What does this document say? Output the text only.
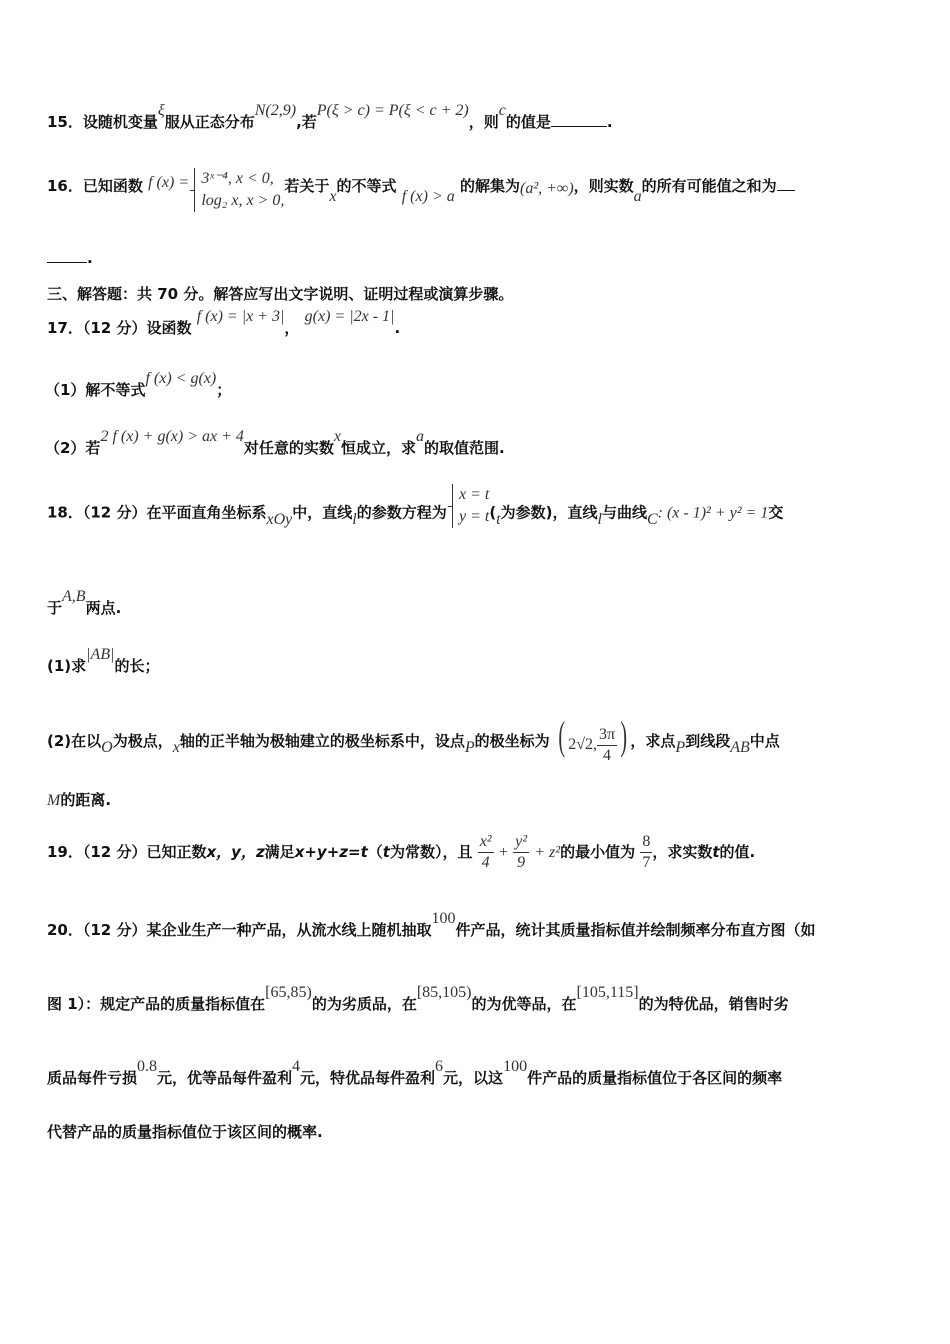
15．设随机变量ξ服从正态分布N(2,9),若P(ξ > c) = P(ξ < c + 2)，则c的值是	.
16．已知函数 f (x) = 3ˣ⁻⁴, x < 0,
log₂ x, x > 0,
若关于x的不等式 f (x) > a 的解集为(a², +∞)，则实数a的所有可能值之和为
.
三、解答题：共 70 分。解答应写出文字说明、证明过程或演算步骤。
17．（12 分）设函数 f (x) = |x + 3|， g(x) = |2x - 1|.
（1）解不等式f (x) < g(x)；
（2）若2 f (x) + g(x) > ax + 4对任意的实数x恒成立，求a的取值范围.
18．（12 分）在平面直角坐标系xOy中，直线l的参数方程为
x = t
y = t (t为参数)，直线l与曲线C: (x - 1)² + y² = 1交
于A,B两点.
(1)求|AB|的长；
(2)在以O为极点，x轴的正半轴为极轴建立的极坐标系中，设点P的极坐标为 ( 2√2, $\frac{3\pi}{4}$ ) ，求点P到线段AB中点
M的距离.
19．（12 分）已知正数x，y，z满足x+y+z=t（t为常数），且 $\frac{\text{x²}}{4} + \frac{\text{y²}}{9} + z^2$的最小值为 $\frac{8}{7}$ ，求实数t的值.
20．（12 分）某企业生产一种产品，从流水线上随机抽取100件产品，统计其质量指标值并绘制频率分布直方图（如
图 1）：规定产品的质量指标值在[65,85)的为劣质品，在[85,105)的为优等品，在[105,115]的为特优品，销售时劣
质品每件亏损0.8元，优等品每件盈利4元，特优品每件盈利6元，以这100件产品的质量指标值位于各区间的频率
代替产品的质量指标值位于该区间的概率.
